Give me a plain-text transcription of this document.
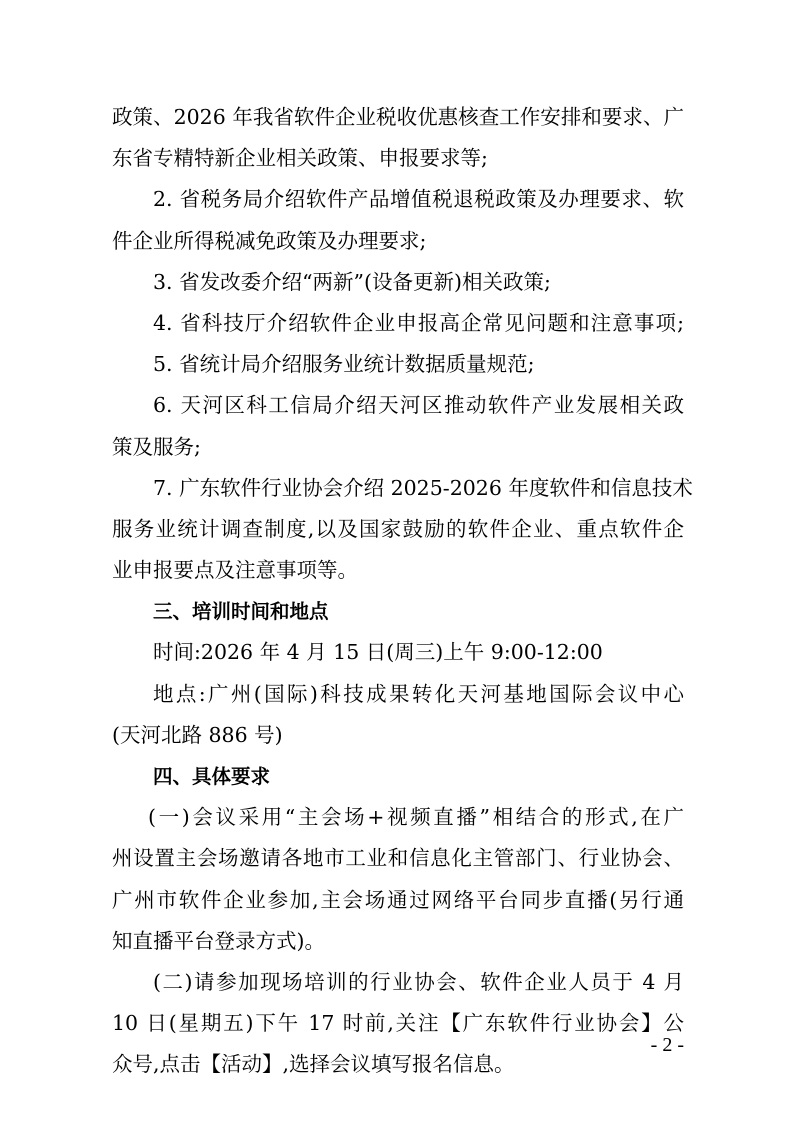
政策、2026 年我省软件企业税收优惠核查工作安排和要求、广
东省专精特新企业相关政策、申报要求等;
2. 省税务局介绍软件产品增值税退税政策及办理要求、软
件企业所得税减免政策及办理要求;
3. 省发改委介绍“两新”(设备更新)相关政策;
4. 省科技厅介绍软件企业申报高企常见问题和注意事项;
5. 省统计局介绍服务业统计数据质量规范;
6. 天河区科工信局介绍天河区推动软件产业发展相关政
策及服务;
7. 广东软件行业协会介绍 2025-2026 年度软件和信息技术
服务业统计调查制度,以及国家鼓励的软件企业、重点软件企
业申报要点及注意事项等。
三、培训时间和地点
时间:2026 年 4 月 15 日(周三)上午 9:00-12:00
地点:广州(国际)科技成果转化天河基地国际会议中心
(天河北路 886 号)
四、具体要求
(一)会议采用“主会场+视频直播”相结合的形式,在广
州设置主会场邀请各地市工业和信息化主管部门、行业协会、
广州市软件企业参加,主会场通过网络平台同步直播(另行通
知直播平台登录方式)。
(二)请参加现场培训的行业协会、软件企业人员于 4 月
10 日(星期五)下午 17 时前,关注【广东软件行业协会】公
众号,点击【活动】,选择会议填写报名信息。
- 2 -
